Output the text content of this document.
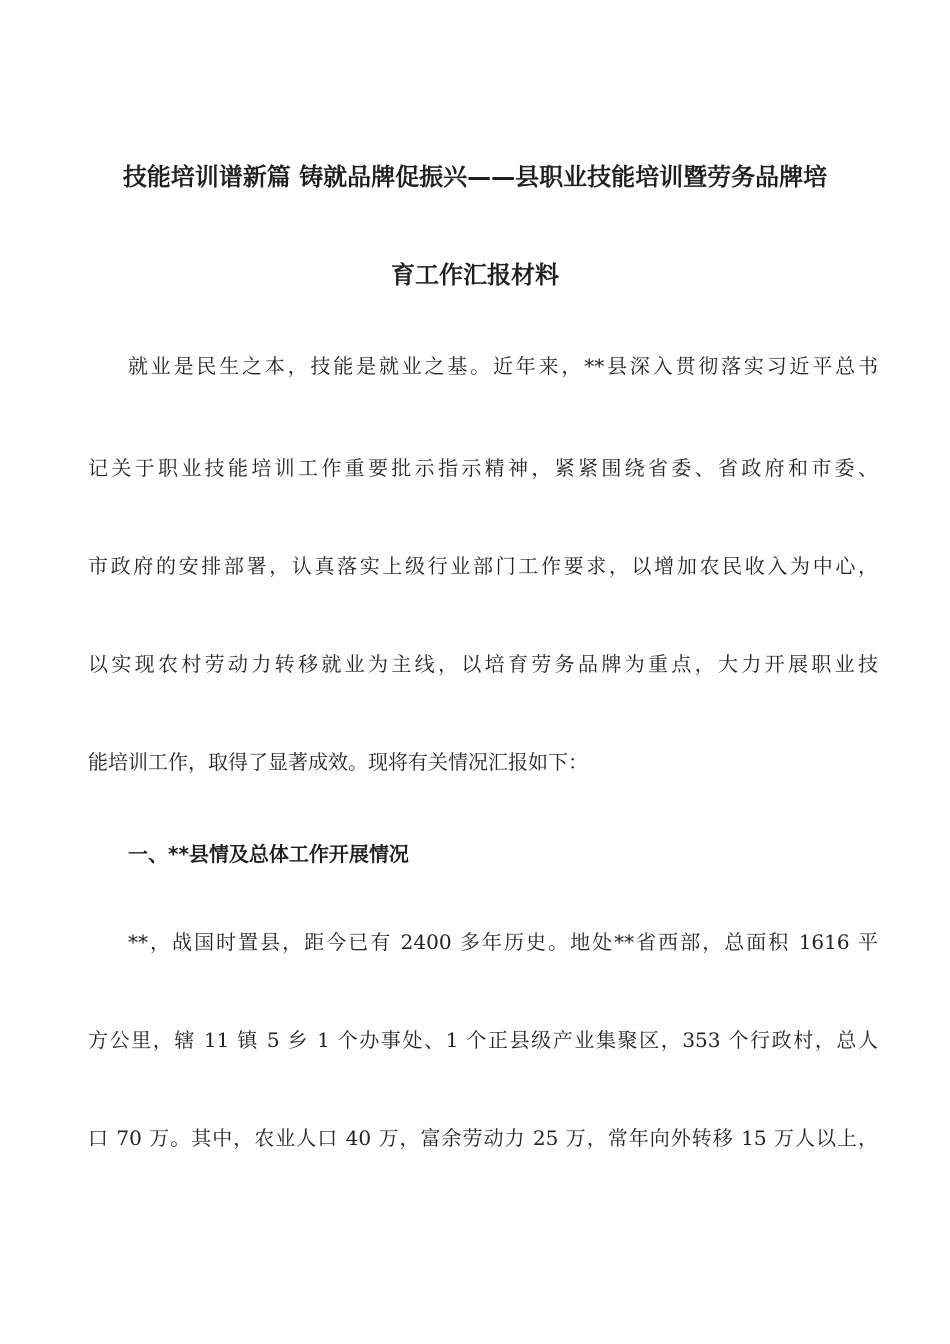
技能培训谱新篇 铸就品牌促振兴——县职业技能培训暨劳务品牌培
育工作汇报材料
就业是民生之本，技能是就业之基。近年来，**县深入贯彻落实习近平总书
记关于职业技能培训工作重要批示指示精神，紧紧围绕省委、省政府和市委、
市政府的安排部署，认真落实上级行业部门工作要求，以增加农民收入为中心，
以实现农村劳动力转移就业为主线，以培育劳务品牌为重点，大力开展职业技
能培训工作，取得了显著成效。现将有关情况汇报如下：
一、**县情及总体工作开展情况
**，战国时置县，距今已有 2400 多年历史。地处**省西部，总面积 1616 平
方公里，辖 11 镇 5 乡 1 个办事处、1 个正县级产业集聚区，353 个行政村，总人
口 70 万。其中，农业人口 40 万，富余劳动力 25 万，常年向外转移 15 万人以上，
